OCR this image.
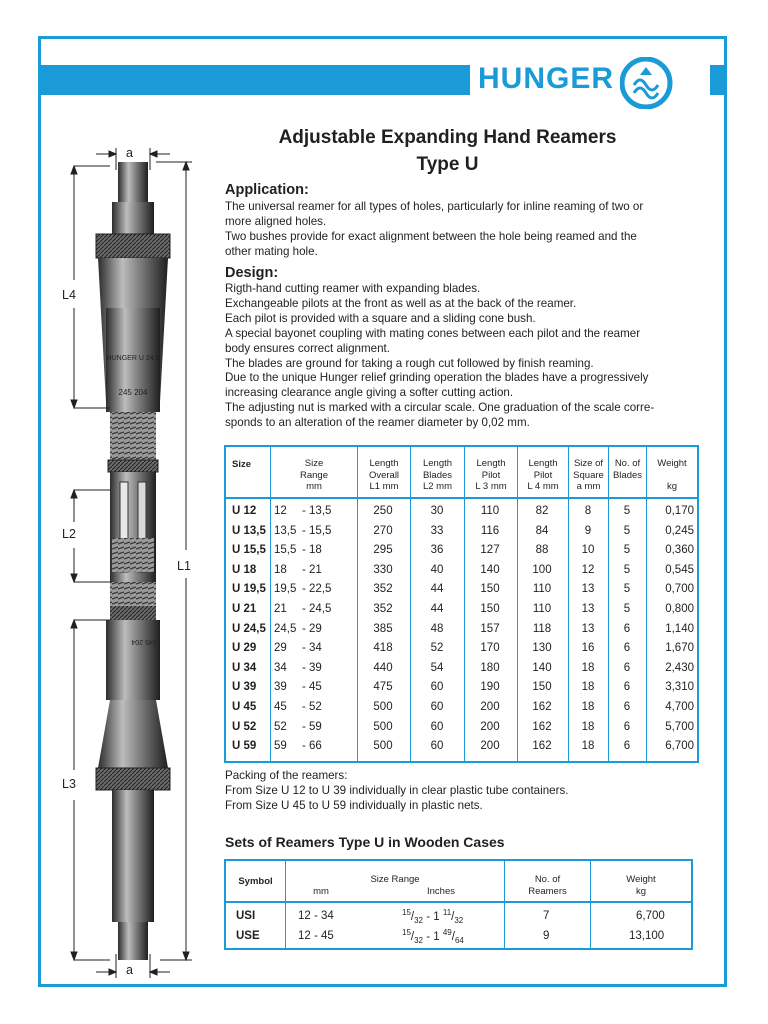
HUNGER
HUNGER U 24,5
245 204
245 204
a
a
L4
L2
L1
L3
Adjustable Expanding Hand Reamers
Type U
Application:
The universal reamer for all types of holes, particularly for inline reaming of two or
more aligned holes.
Two bushes provide for exact alignment between the hole being reamed and the
other mating hole.
Design:
Rigth-hand cutting reamer with expanding blades.
Exchangeable pilots at the front as well as at the back of the reamer.
Each pilot is provided with a square and a sliding cone bush.
A special bayonet coupling with mating cones between each pilot and the reamer
body ensures correct alignment.
The blades are ground for taking a rough cut followed by finish reaming.
Due to the unique Hunger relief grinding operation the blades have a progressively
increasing clearance angle giving a softer cutting action.
The adjusting nut is marked with a circular scale. One graduation of the scale corre-
sponds to an alteration of the reamer diameter by 0,02 mm.
Size	Size
Range
mm
Length
Overall
L1 mm
Length
Blades
L2 mm
Length
Pilot
L 3 mm
Length
Pilot
L 4 mm
Size of
Square
a mm
No. of
Blades
Weight
kg
U 12 12 - 13,5	250	30	110	82	8	5	0,170
U 13,5 13,5 - 15,5	270	33	116	84	9	5	0,245
U 15,5 15,5 - 18	295	36	127	88	10	5	0,360
U 18 18 - 21	330	40	140	100	12	5	0,545
U 19,5 19,5 - 22,5	352	44	150	110	13	5	0,700
U 21 21 - 24,5	352	44	150	110	13	5	0,800
U 24,5 24,5 - 29	385	48	157	118	13	6	1,140
U 29 29 - 34	418	52	170	130	16	6	1,670
U 34 34 - 39	440	54	180	140	18	6	2,430
U 39 39 - 45	475	60	190	150	18	6	3,310
U 45 45 - 52	500	60	200	162	18	6	4,700
U 52 52 - 59	500	60	200	162	18	6	5,700
U 59 59 - 66	500	60	200	162	18	6	6,700
Packing of the reamers:
From Size U 12 to U 39 individually in clear plastic tube containers.
From Size U 45 to U 59 individually in plastic nets.
Sets of Reamers Type U in Wooden Cases
Symbol	Size Range
mm	Inches
No. of
Reamers
Weight
kg
USI	12 - 34	$^{15}/_{32} - 1$ $^{11}/_{32}$	7	6,700
USE	12 - 45	$^{15}/_{32} - 1$ $^{49}/_{64}$	9	13,100
